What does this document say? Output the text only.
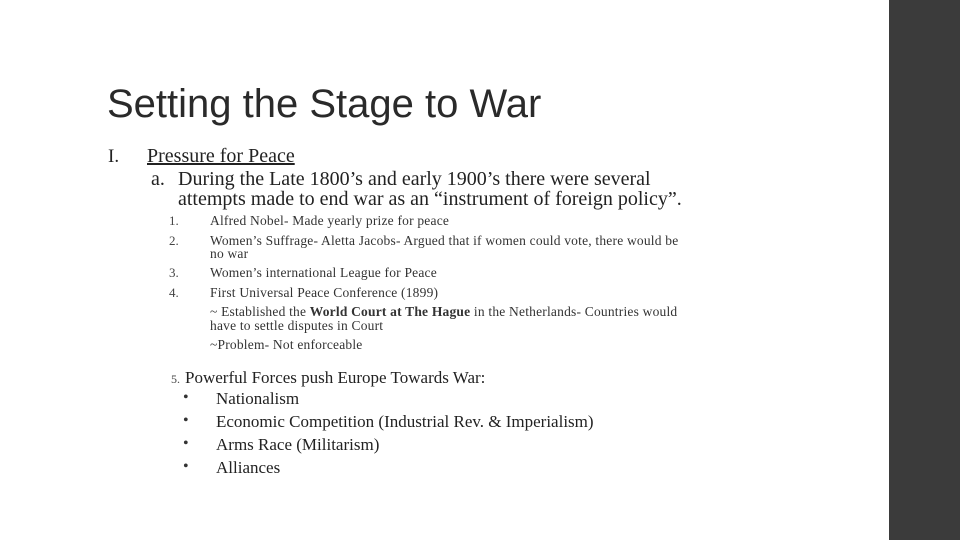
Setting the Stage to War
I. Pressure for Peace
a. During the Late 1800’s and early 1900’s there were several
attempts made to end war as an “instrument of foreign policy”.
1. Alfred Nobel- Made yearly prize for peace
2. Women’s Suffrage- Aletta Jacobs- Argued that if women could vote, there would be
no war
3. Women’s international League for Peace
4. First Universal Peace Conference (1899)
~ Established the World Court at The Hague in the Netherlands- Countries would
have to settle disputes in Court
~Problem- Not enforceable
5. Powerful Forces push Europe Towards War:
• Nationalism
• Economic Competition (Industrial Rev. & Imperialism)
• Arms Race (Militarism)
• Alliances
